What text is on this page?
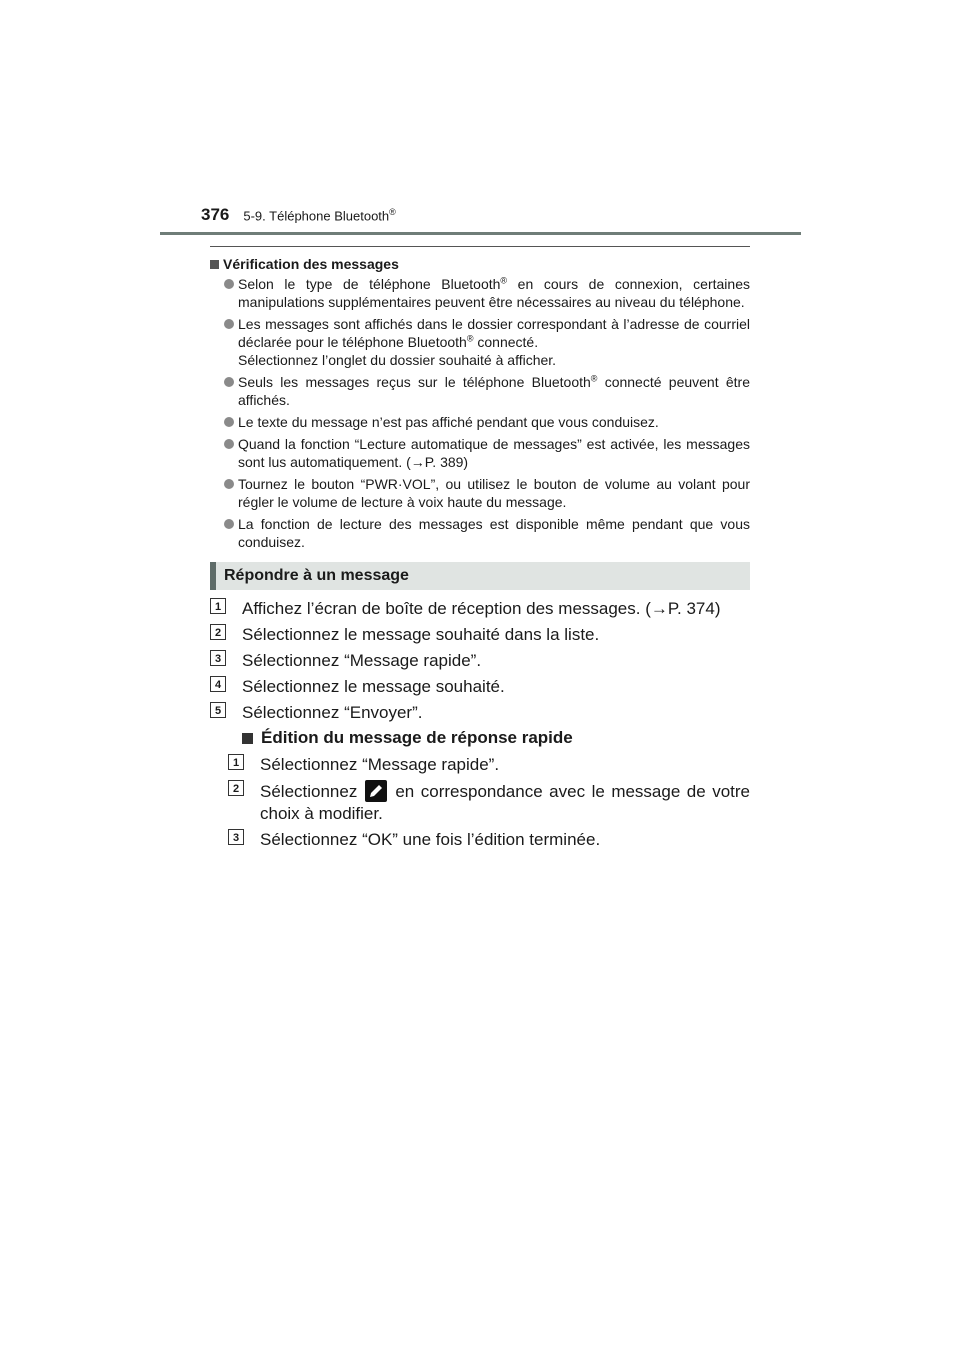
376 5-9. Téléphone Bluetooth®
Vérification des messages
Selon le type de téléphone Bluetooth® en cours de connexion, certaines manipulations supplémentaires peuvent être nécessaires au niveau du téléphone.
Les messages sont affichés dans le dossier correspondant à l’adresse de courriel déclarée pour le téléphone Bluetooth® connecté.
Sélectionnez l’onglet du dossier souhaité à afficher.
Seuls les messages reçus sur le téléphone Bluetooth® connecté peuvent être affichés.
Le texte du message n’est pas affiché pendant que vous conduisez.
Quand la fonction “Lecture automatique de messages” est activée, les messages sont lus automatiquement. (→P. 389)
Tournez le bouton “PWR·VOL”, ou utilisez le bouton de volume au volant pour régler le volume de lecture à voix haute du message.
La fonction de lecture des messages est disponible même pendant que vous conduisez.
Répondre à un message
1 Affichez l’écran de boîte de réception des messages. (→P. 374)
2 Sélectionnez le message souhaité dans la liste.
3 Sélectionnez “Message rapide”.
4 Sélectionnez le message souhaité.
5 Sélectionnez “Envoyer”.
Édition du message de réponse rapide
1 Sélectionnez “Message rapide”.
2 Sélectionnez en correspondance avec le message de votre choix à modifier.
3 Sélectionnez “OK” une fois l’édition terminée.
